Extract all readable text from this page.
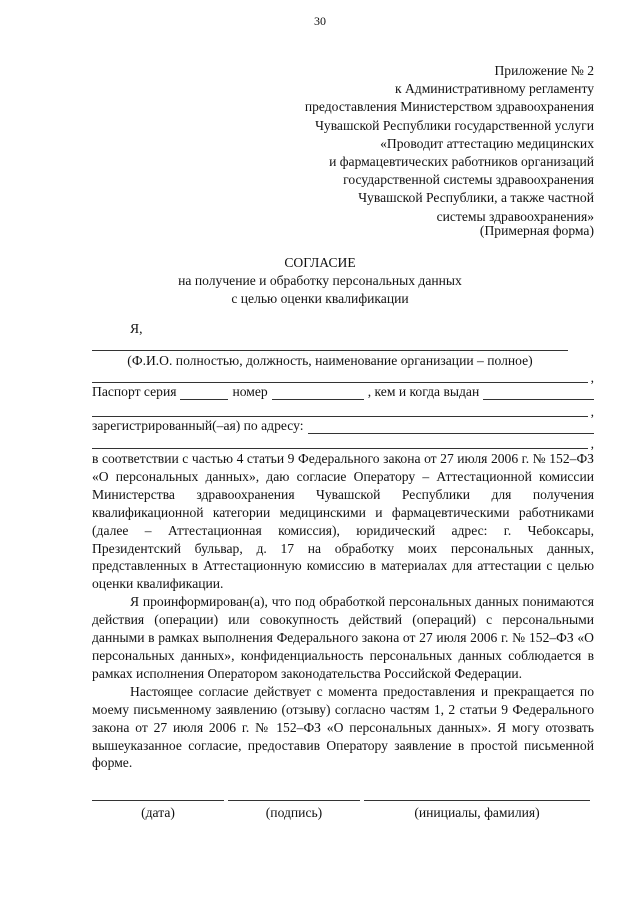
30
Приложение № 2
к Административному регламенту
предоставления Министерством здравоохранения
Чувашской Республики государственной услуги
«Проводит аттестацию медицинских
и фармацевтических работников организаций
государственной системы здравоохранения
Чувашской Республики, а также частной
системы здравоохранения»
(Примерная форма)
СОГЛАСИЕ
на получение и обработку персональных данных
с целью оценки квалификации
Я,
(Ф.И.О. полностью, должность, наименование организации – полное)
,
Паспорт серия	номер	, кем и когда выдан
,
зарегистрированный(–ая) по адресу:
,

в соответствии с частью 4 статьи 9 Федерального закона от 27 июля 2006 г. № 152–ФЗ «О персональных данных», даю согласие Оператору – Аттестационной комиссии Министерства здравоохранения Чувашской Республики для получения квалификационной категории медицинскими и фармацевтическими работниками (далее – Аттестационная комиссия), юридический адрес: г. Чебоксары, Президентский бульвар, д. 17 на обработку моих персональных данных, представленных в Аттестационную комиссию в материалах для аттестации с целью оценки квалификации.

Я проинформирован(а), что под обработкой персональных данных понимаются действия (операции) или совокупность действий (операций) с персональными данными в рамках выполнения Федерального закона от 27 июля 2006 г. № 152–ФЗ «О персональных данных», конфиденциальность персональных данных соблюдается в рамках исполнения Оператором законодательства Российской Федерации.

Настоящее согласие действует с момента предоставления и прекращается по моему письменному заявлению (отзыву) согласно частям 1, 2 статьи 9 Федерального закона от 27 июля 2006 г. № 152–ФЗ «О персональных данных». Я могу отозвать вышеуказанное согласие, предоставив Оператору заявление в простой письменной форме.

(дата)	(подпись)	(инициалы, фамилия)
